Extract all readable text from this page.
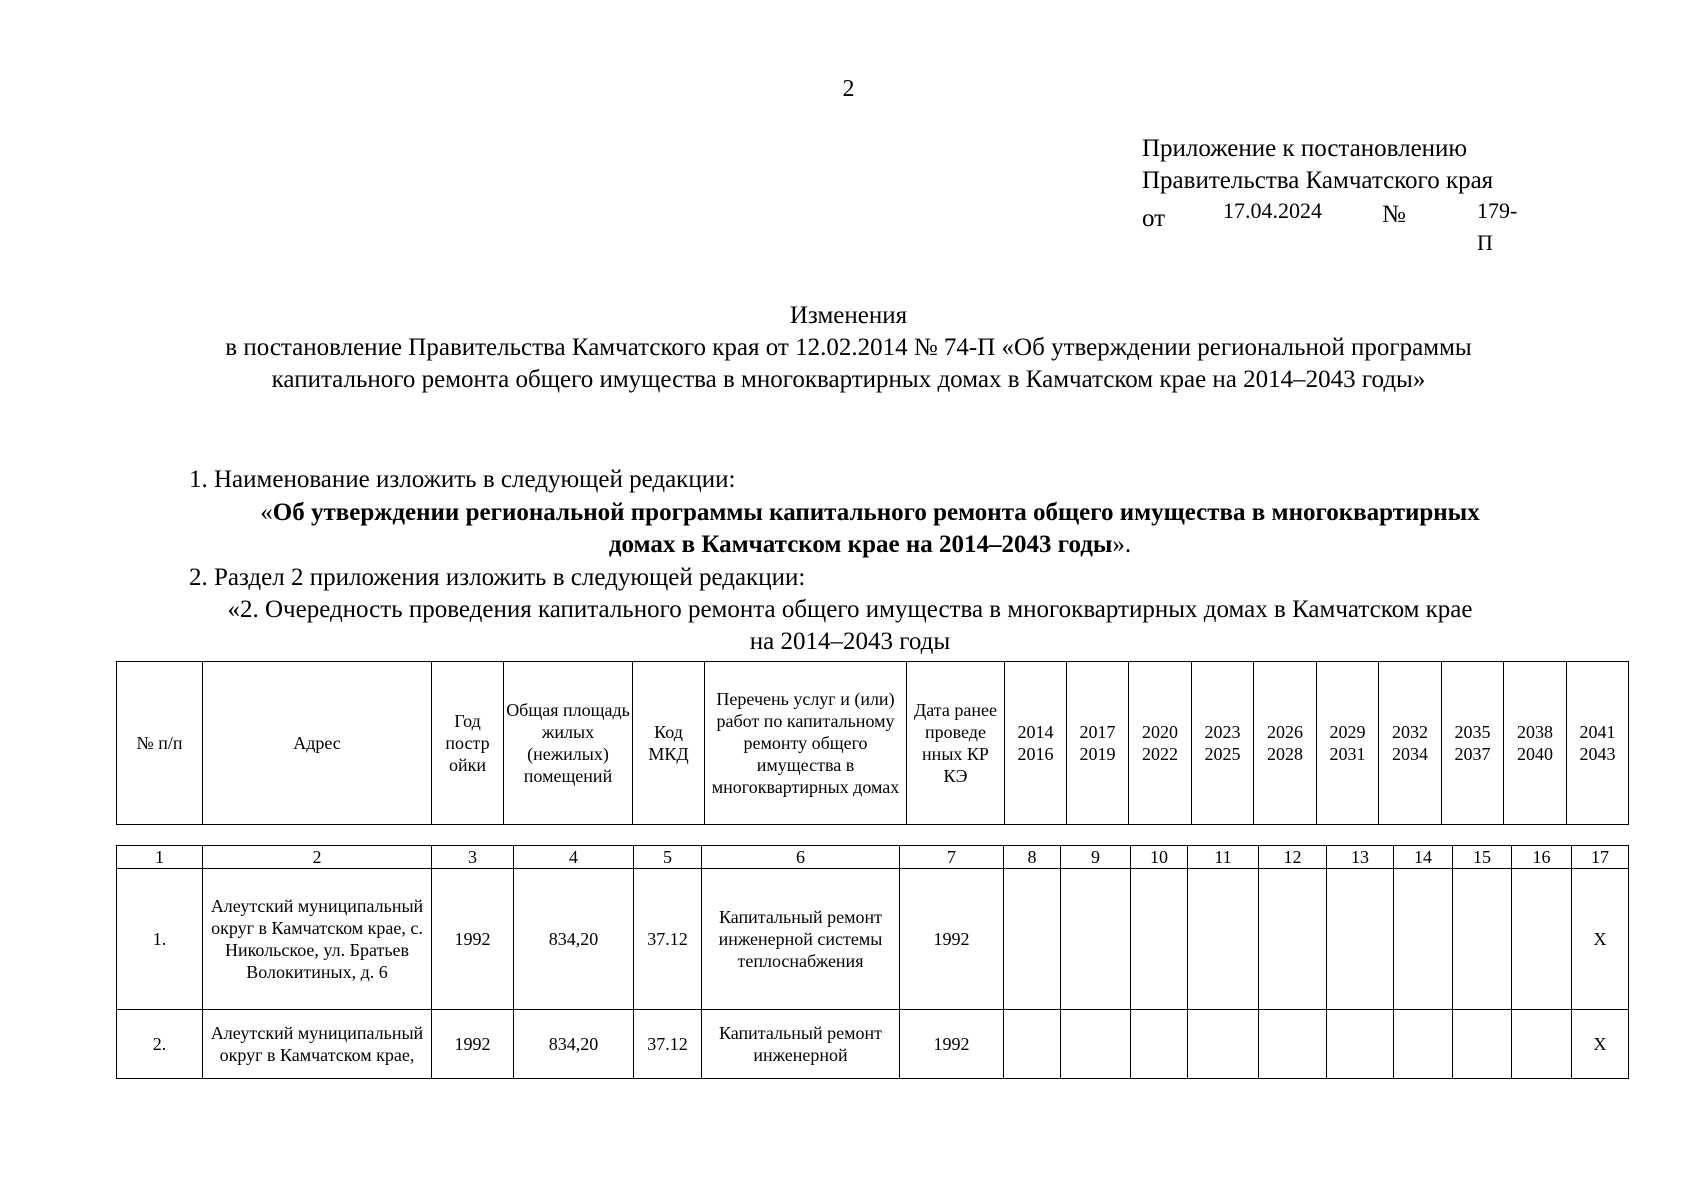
2
Приложение к постановлению
Правительства Камчатского края
от	17.04.2024 №	179-П
Изменения
в постановление Правительства Камчатского края от 12.02.2014 № 74-П «Об утверждении региональной программы
капитального ремонта общего имущества в многоквартирных домах в Камчатском крае на 2014–2043 годы»
1. Наименование изложить в следующей редакции:
«Об утверждении региональной программы капитального ремонта общего имущества в многоквартирных
домах в Камчатском крае на 2014–2043 годы».
2. Раздел 2 приложения изложить в следующей редакции:
«2. Очередность проведения капитального ремонта общего имущества в многоквартирных домах в Камчатском крае
на 2014–2043 годы
№ п/п	Адрес	Год постр ойки	Общая площадь жилых (нежилых) помещений	Код МКД	Перечень услуг и (или) работ по капитальному ремонту общего имущества в многоквартирных домах	Дата ранее проведе нных КР КЭ	2014 2016	2017 2019	2020 2022	2023 2025	2026 2028	2029 2031	2032 2034	2035 2037	2038 2040	2041 2043
1	2	3	4	5	6	7	8	9	10	11	12	13	14	15	16	17
1.	Алеутский муниципальный округ в Камчатском крае, с. Никольское, ул. Братьев Волокитиных, д. 6	1992	834,20	37.12	Капитальный ремонт инженерной системы теплоснабжения	1992										Х
2.	Алеутский муниципальный округ в Камчатском крае,	1992	834,20	37.12	Капитальный ремонт инженерной	1992										Х
